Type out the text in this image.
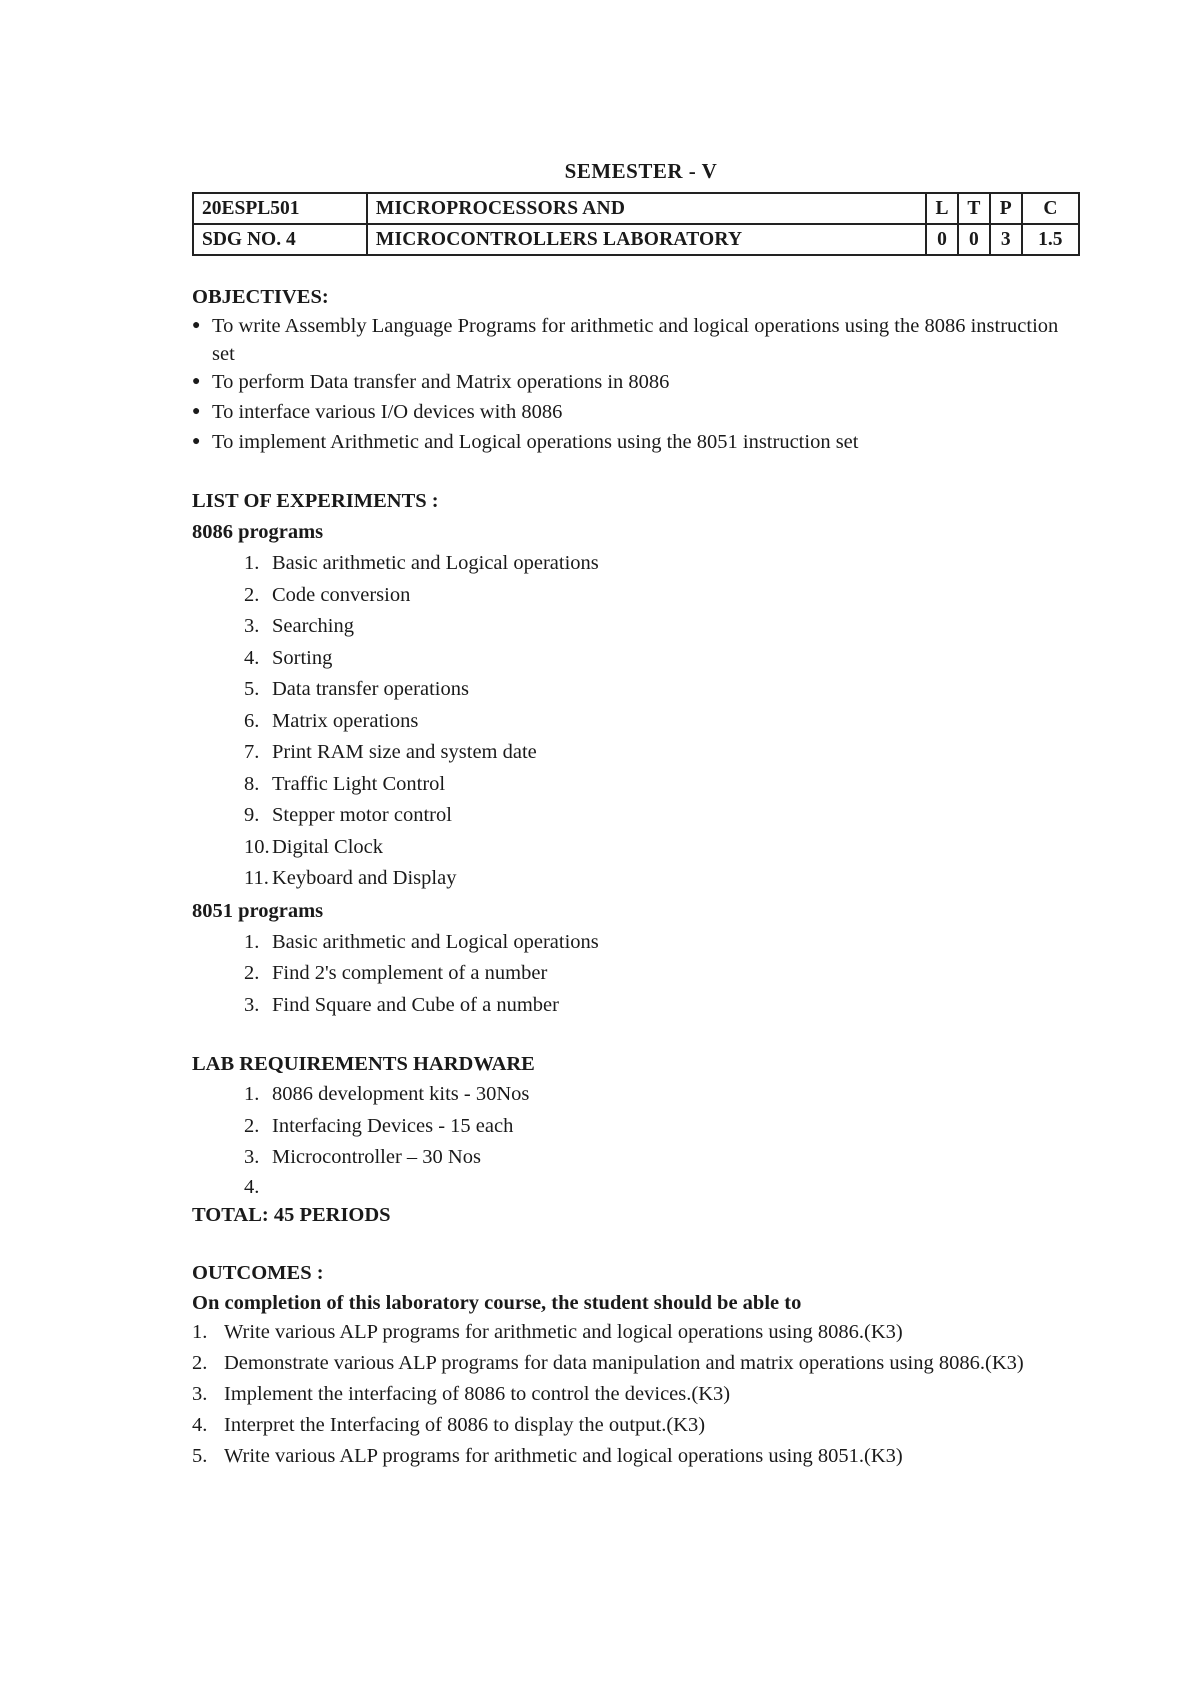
SEMESTER - V
20ESPL501	MICROPROCESSORS AND	L	T	P	C
SDG NO. 4	MICROCONTROLLERS LABORATORY	0	0	3	1.5
OBJECTIVES:
● To write Assembly Language Programs for arithmetic and logical operations using the 8086 instruction set
● To perform Data transfer and Matrix operations in 8086
● To interface various I/O devices with 8086
● To implement Arithmetic and Logical operations using the 8051 instruction set
LIST OF EXPERIMENTS :
8086 programs
1. Basic arithmetic and Logical operations
2. Code conversion
3. Searching
4. Sorting
5. Data transfer operations
6. Matrix operations
7. Print RAM size and system date
8. Traffic Light Control
9. Stepper motor control
10. Digital Clock
11. Keyboard and Display
8051 programs
1. Basic arithmetic and Logical operations
2. Find 2's complement of a number
3. Find Square and Cube of a number
LAB REQUIREMENTS HARDWARE
1. 8086 development kits - 30Nos
2. Interfacing Devices - 15 each
3. Microcontroller – 30 Nos
4.
TOTAL: 45 PERIODS
OUTCOMES :
On completion of this laboratory course, the student should be able to
1. Write various ALP programs for arithmetic and logical operations using 8086.(K3)
2. Demonstrate various ALP programs for data manipulation and matrix operations using 8086.(K3)
3. Implement the interfacing of 8086 to control the devices.(K3)
4. Interpret the Interfacing of 8086 to display the output.(K3)
5. Write various ALP programs for arithmetic and logical operations using 8051.(K3)
